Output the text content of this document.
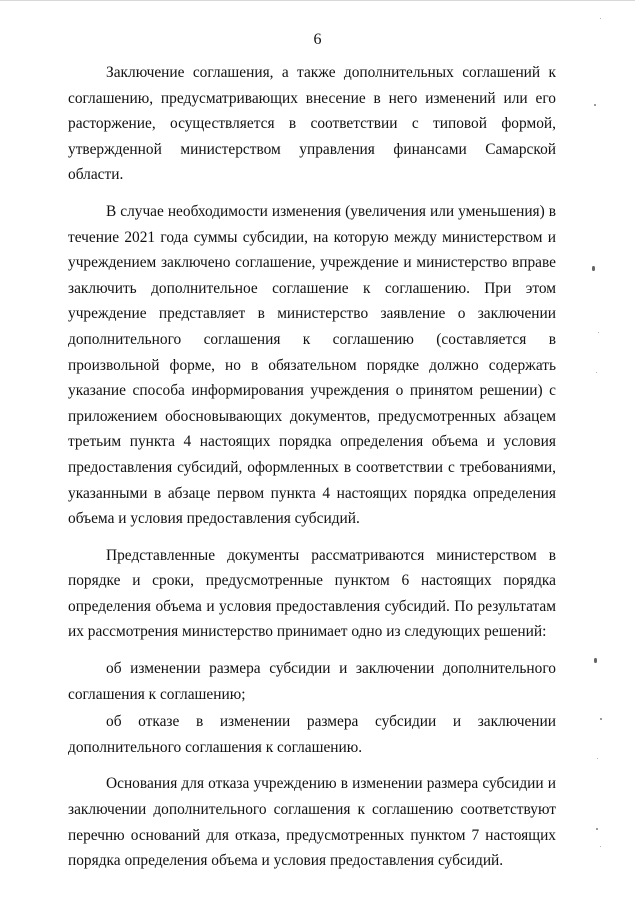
6

Заключение соглашения, а также дополнительных соглашений к соглашению, предусматривающих внесение в него изменений или его расторжение, осуществляется в соответствии с типовой формой, утвержденной министерством управления финансами Самарской области.

В случае необходимости изменения (увеличения или уменьшения) в течение 2021 года суммы субсидии, на которую между министерством и учреждением заключено соглашение, учреждение и министерство вправе заключить дополнительное соглашение к соглашению. При этом учреждение представляет в министерство заявление о заключении дополнительного соглашения к соглашению (составляется в произвольной форме, но в обязательном порядке должно содержать указание способа информирования учреждения о принятом решении) с приложением обосновывающих документов, предусмотренных абзацем третьим пункта 4 настоящих порядка определения объема и условия предоставления субсидий, оформленных в соответствии с требованиями, указанными в абзаце первом пункта 4 настоящих порядка определения объема и условия предоставления субсидий.

Представленные документы рассматриваются министерством в порядке и сроки, предусмотренные пунктом 6 настоящих порядка определения объема и условия предоставления субсидий. По результатам их рассмотрения министерство принимает одно из следующих решений:

об изменении размера субсидии и заключении дополнительного соглашения к соглашению;

об отказе в изменении размера субсидии и заключении дополнительного соглашения к соглашению.

Основания для отказа учреждению в изменении размера субсидии и заключении дополнительного соглашения к соглашению соответствуют перечню оснований для отказа, предусмотренных пунктом 7 настоящих порядка определения объема и условия предоставления субсидий.
